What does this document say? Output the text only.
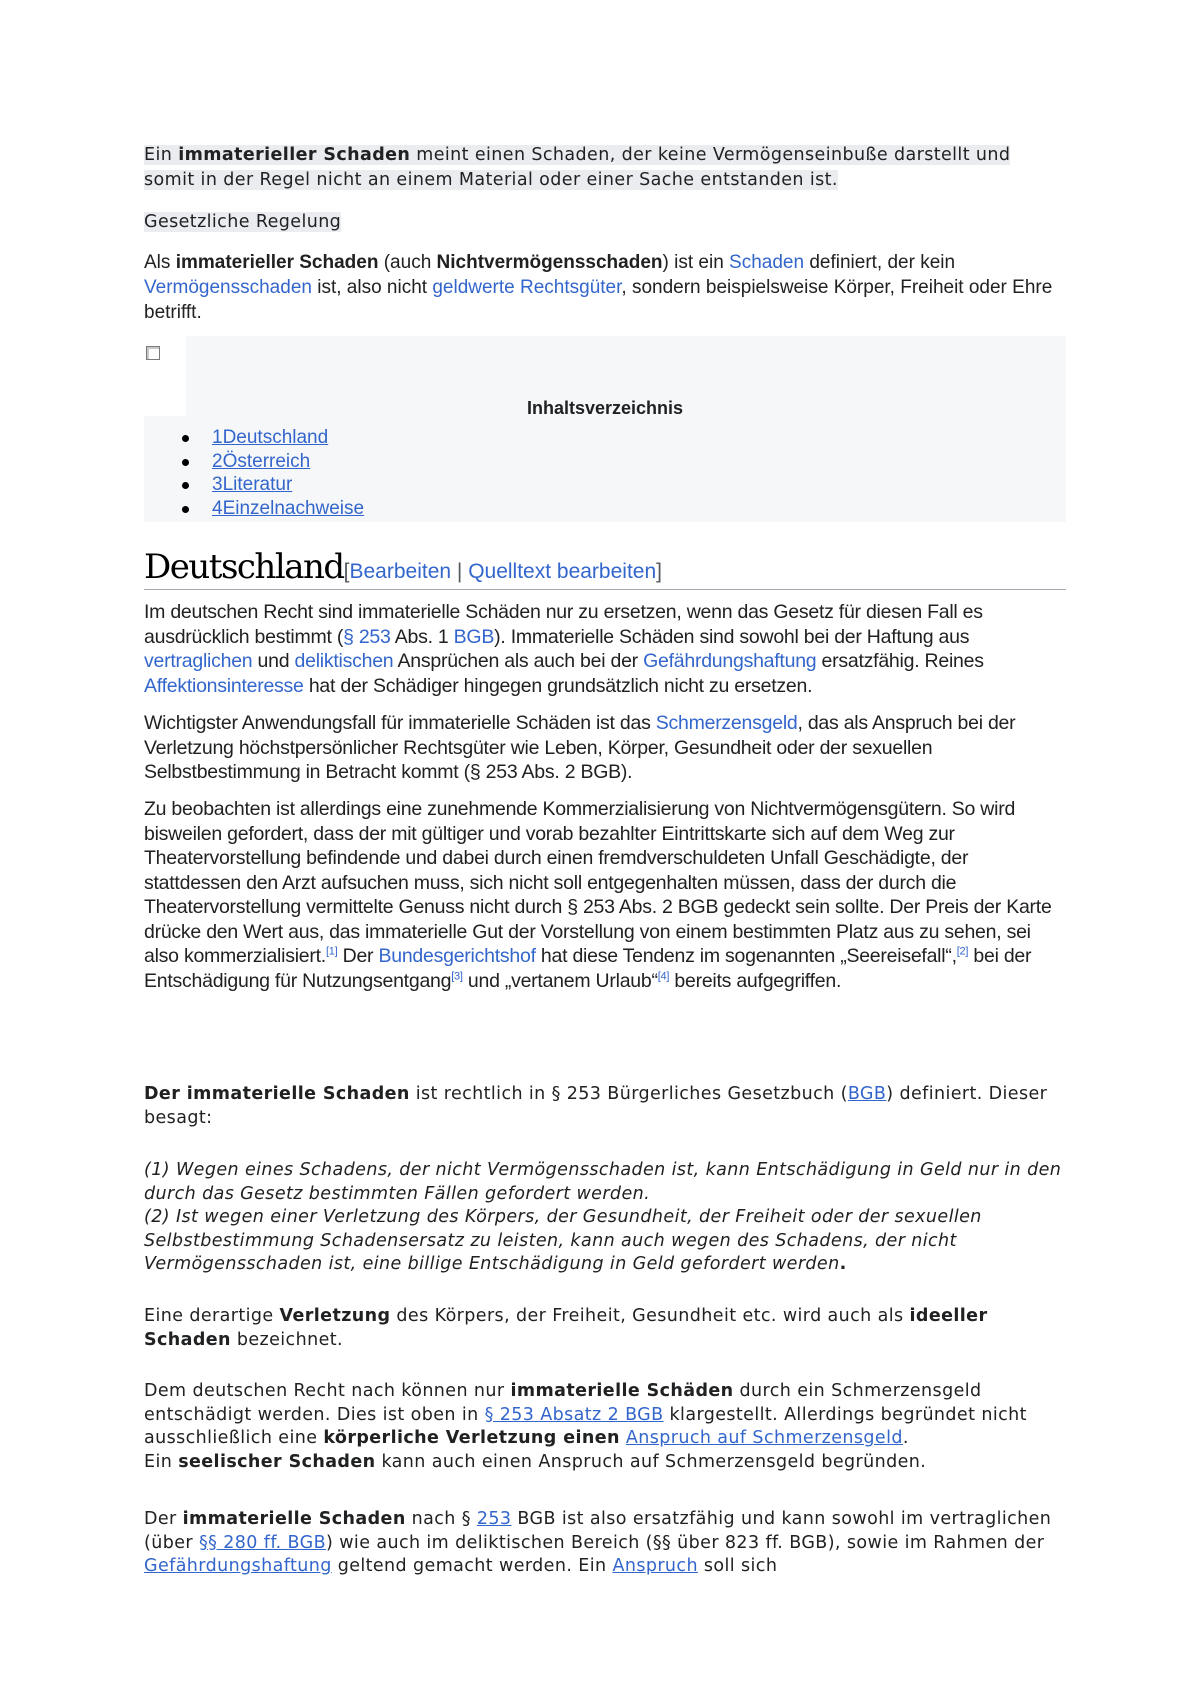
Ein immaterieller Schaden meint einen Schaden, der keine Vermögenseinbuße darstellt und somit in der Regel nicht an einem Material oder einer Sache entstanden ist.
Gesetzliche Regelung
Als immaterieller Schaden (auch Nichtvermögensschaden) ist ein Schaden definiert, der kein
Vermögensschaden ist, also nicht geldwerte Rechtsgüter, sondern beispielsweise Körper, Freiheit oder Ehre betrifft.
Inhaltsverzeichnis
1Deutschland
2Österreich
3Literatur
4Einzelnachweise
Deutschland[Bearbeiten | Quelltext bearbeiten]
Im deutschen Recht sind immaterielle Schäden nur zu ersetzen, wenn das Gesetz für diesen Fall es ausdrücklich bestimmt (§ 253 Abs. 1 BGB). Immaterielle Schäden sind sowohl bei der Haftung aus vertraglichen und deliktischen Ansprüchen als auch bei der Gefährdungshaftung ersatzfähig. Reines Affektionsinteresse hat der Schädiger hingegen grundsätzlich nicht zu ersetzen.
Wichtigster Anwendungsfall für immaterielle Schäden ist das Schmerzensgeld, das als Anspruch bei der Verletzung höchstpersönlicher Rechtsgüter wie Leben, Körper, Gesundheit oder der sexuellen Selbstbestimmung in Betracht kommt (§ 253 Abs. 2 BGB).
Zu beobachten ist allerdings eine zunehmende Kommerzialisierung von Nichtvermögensgütern. So wird bisweilen gefordert, dass der mit gültiger und vorab bezahlter Eintrittskarte sich auf dem Weg zur Theatervorstellung befindende und dabei durch einen fremdverschuldeten Unfall Geschädigte, der stattdessen den Arzt aufsuchen muss, sich nicht soll entgegenhalten müssen, dass der durch die Theatervorstellung vermittelte Genuss nicht durch § 253 Abs. 2 BGB gedeckt sein sollte. Der Preis der Karte drücke den Wert aus, das immaterielle Gut der Vorstellung von einem bestimmten Platz aus zu sehen, sei also kommerzialisiert.[1] Der Bundesgerichtshof hat diese Tendenz im sogenannten „Seereisefall“,[2] bei der Entschädigung für Nutzungsentgang[3] und „vertanem Urlaub“[4] bereits aufgegriffen.
Der immaterielle Schaden ist rechtlich in § 253 Bürgerliches Gesetzbuch (BGB) definiert. Dieser besagt:
(1) Wegen eines Schadens, der nicht Vermögensschaden ist, kann Entschädigung in Geld nur in den durch das Gesetz bestimmten Fällen gefordert werden.
(2) Ist wegen einer Verletzung des Körpers, der Gesundheit, der Freiheit oder der sexuellen Selbstbestimmung Schadensersatz zu leisten, kann auch wegen des Schadens, der nicht Vermögensschaden ist, eine billige Entschädigung in Geld gefordert werden.
Eine derartige Verletzung des Körpers, der Freiheit, Gesundheit etc. wird auch als ideeller Schaden bezeichnet.
Dem deutschen Recht nach können nur immaterielle Schäden durch ein Schmerzensgeld entschädigt werden. Dies ist oben in § 253 Absatz 2 BGB klargestellt. Allerdings begründet nicht ausschließlich eine körperliche Verletzung einen Anspruch auf Schmerzensgeld.
Ein seelischer Schaden kann auch einen Anspruch auf Schmerzensgeld begründen.
Der immaterielle Schaden nach § 253 BGB ist also ersatzfähig und kann sowohl im vertraglichen (über §§ 280 ff. BGB) wie auch im deliktischen Bereich (§§ über 823 ff. BGB), sowie im Rahmen der Gefährdungshaftung geltend gemacht werden. Ein Anspruch soll sich
